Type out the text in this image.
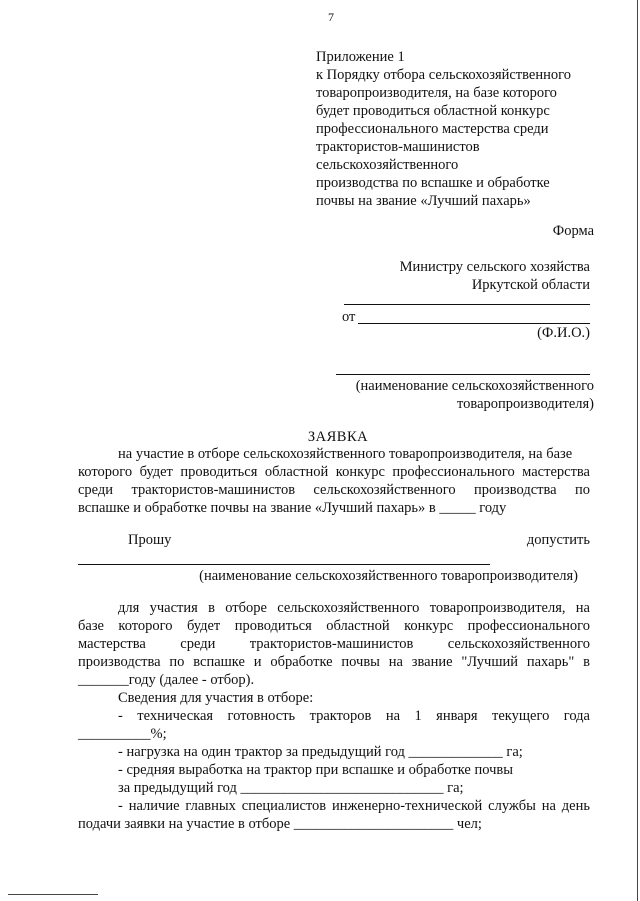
7
Приложение 1
к Порядку отбора сельскохозяйственного
товаропроизводителя, на базе которого
будет проводиться областной конкурс
профессионального мастерства среди
трактористов-машинистов
сельскохозяйственного
производства по вспашке и обработке
почвы на звание «Лучший пахарь»
Форма
Министру сельского хозяйства
Иркутской области
от
(Ф.И.О.)
(наименование сельскохозяйственного
товаропроизводителя)
ЗАЯВКА
на участие в отборе сельскохозяйственного товаропроизводителя, на базе
которого будет проводиться областной конкурс профессионального мастерства
среди трактористов-машинистов сельскохозяйственного производства по
вспашке и обработке почвы на звание «Лучший пахарь» в _____ году
Прошу	допустить
(наименование сельскохозяйственного товаропроизводителя)
для участия в отборе сельскохозяйственного товаропроизводителя, на
базе которого будет проводиться областной конкурс профессионального
мастерства среди трактористов-машинистов сельскохозяйственного
производства по вспашке и обработке почвы на звание "Лучший пахарь" в
_______году (далее - отбор).
Сведения для участия в отборе:
- техническая готовность тракторов на 1 января текущего года
__________%;
- нагрузка на один трактор за предыдущий год _____________ га;
- средняя выработка на трактор при вспашке и обработке почвы
за предыдущий год ____________________________ га;
- наличие главных специалистов инженерно-технической службы на день
подачи заявки на участие в отборе ______________________ чел;
